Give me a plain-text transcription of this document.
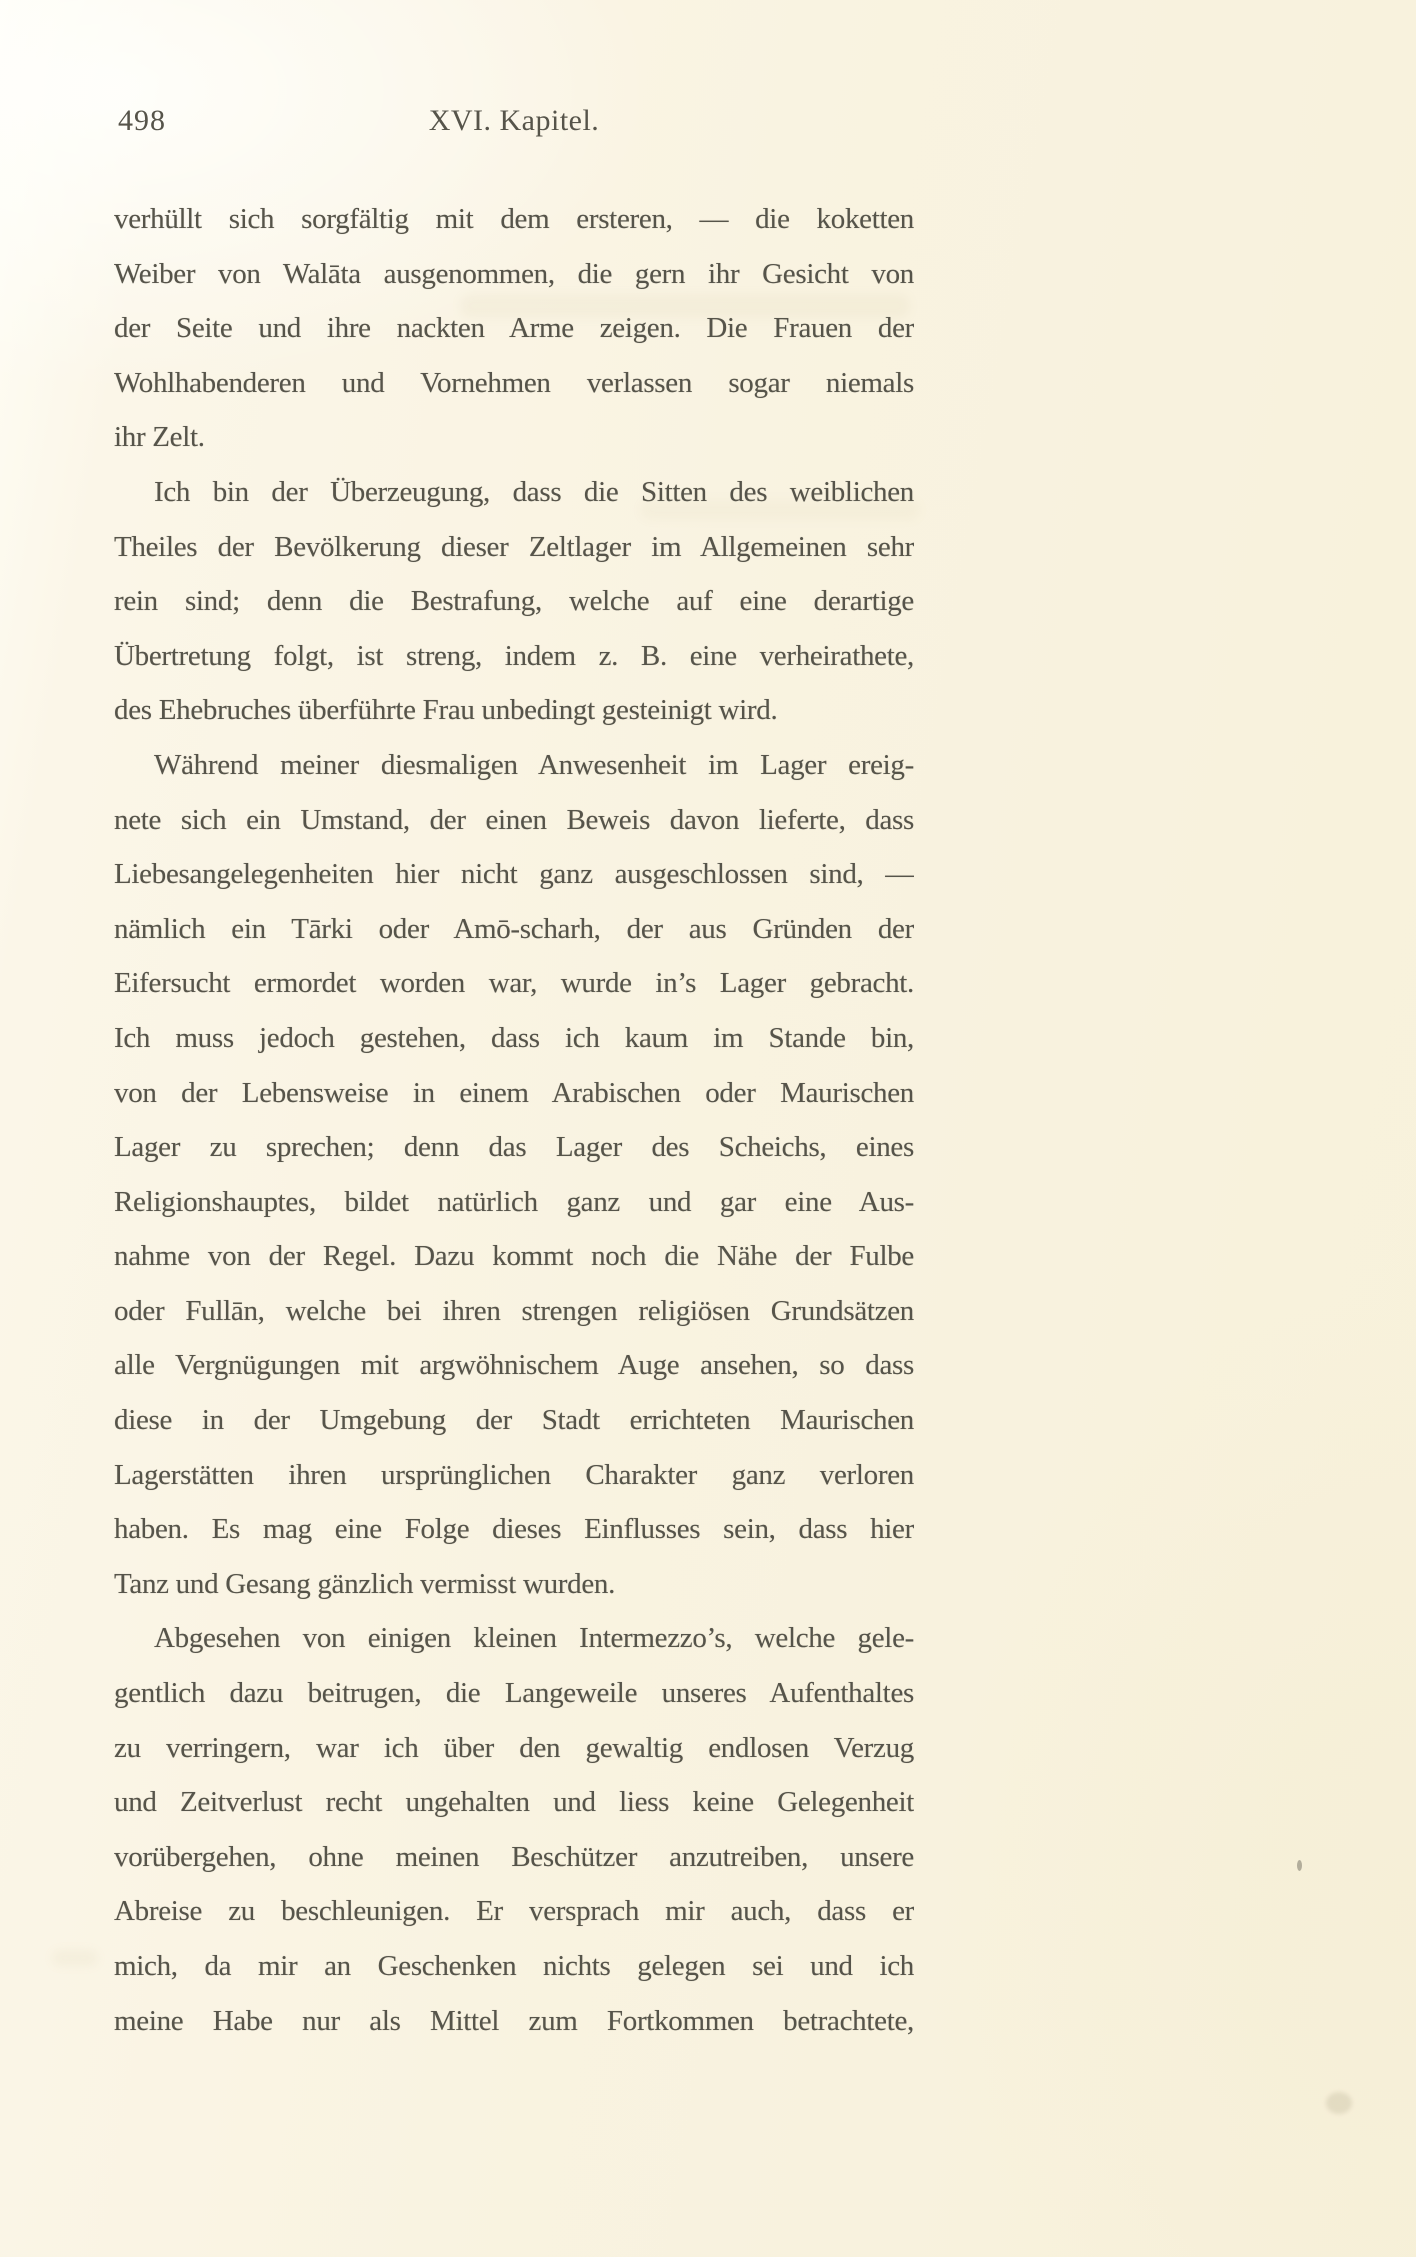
498	XVI. Kapitel.
verhüllt sich sorgfältig mit dem ersteren, — die koketten
Weiber von Walāta ausgenommen, die gern ihr Gesicht von
der Seite und ihre nackten Arme zeigen. Die Frauen der
Wohlhabenderen und Vornehmen verlassen sogar niemals
ihr Zelt.
Ich bin der Überzeugung, dass die Sitten des weiblichen
Theiles der Bevölkerung dieser Zeltlager im Allgemeinen sehr
rein sind; denn die Bestrafung, welche auf eine derartige
Übertretung folgt, ist streng, indem z. B. eine verheirathete,
des Ehebruches überführte Frau unbedingt gesteinigt wird.
Während meiner diesmaligen Anwesenheit im Lager ereig-
nete sich ein Umstand, der einen Beweis davon lieferte, dass
Liebesangelegenheiten hier nicht ganz ausgeschlossen sind, —
nämlich ein Tārki oder Amō-scharh, der aus Gründen der
Eifersucht ermordet worden war, wurde in’s Lager gebracht.
Ich muss jedoch gestehen, dass ich kaum im Stande bin,
von der Lebensweise in einem Arabischen oder Maurischen
Lager zu sprechen; denn das Lager des Scheichs, eines
Religionshauptes, bildet natürlich ganz und gar eine Aus-
nahme von der Regel. Dazu kommt noch die Nähe der Fulbe
oder Fullān, welche bei ihren strengen religiösen Grundsätzen
alle Vergnügungen mit argwöhnischem Auge ansehen, so dass
diese in der Umgebung der Stadt errichteten Maurischen
Lagerstätten ihren ursprünglichen Charakter ganz verloren
haben. Es mag eine Folge dieses Einflusses sein, dass hier
Tanz und Gesang gänzlich vermisst wurden.
Abgesehen von einigen kleinen Intermezzo’s, welche gele-
gentlich dazu beitrugen, die Langeweile unseres Aufenthaltes
zu verringern, war ich über den gewaltig endlosen Verzug
und Zeitverlust recht ungehalten und liess keine Gelegenheit
vorübergehen, ohne meinen Beschützer anzutreiben, unsere
Abreise zu beschleunigen. Er versprach mir auch, dass er
mich, da mir an Geschenken nichts gelegen sei und ich
meine Habe nur als Mittel zum Fortkommen betrachtete,
